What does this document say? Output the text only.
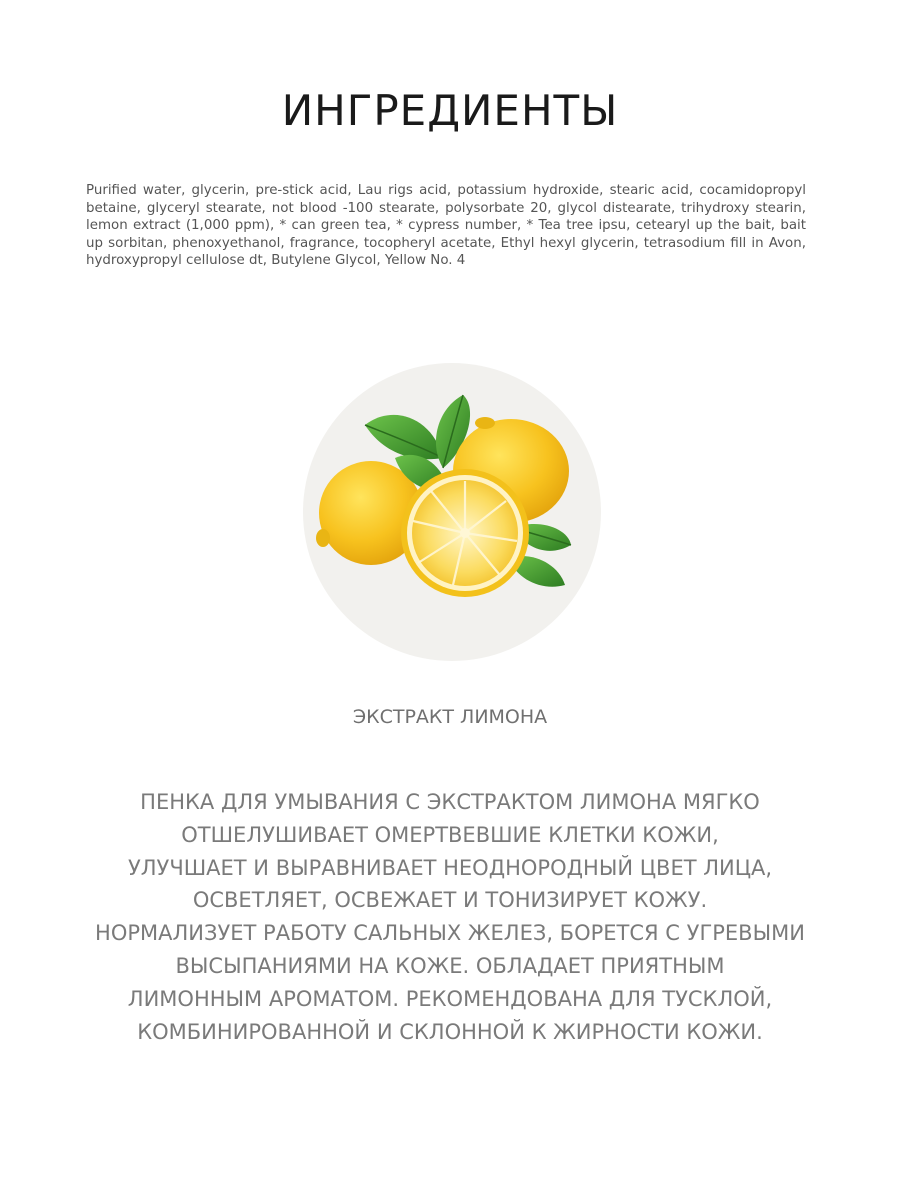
ИНГРЕДИЕНТЫ

Purified water, glycerin, pre-stick acid, Lau rigs acid, potassium hydroxide, stearic acid, cocamidopropyl betaine, glyceryl stearate, not blood -100 stearate, polysorbate 20, glycol distearate, trihydroxy stearin, lemon extract (1,000 ppm), * can green tea, * cypress number, * Tea tree ipsu, cetearyl up the bait, bait up sorbitan, phenoxyethanol, fragrance, tocopheryl acetate, Ethyl hexyl glycerin, tetrasodium fill in Avon, hydroxypropyl cellulose dt, Butylene Glycol, Yellow No. 4

ЭКСТРАКТ ЛИМОНА

ПЕНКА ДЛЯ УМЫВАНИЯ С ЭКСТРАКТОМ ЛИМОНА МЯГКО
ОТШЕЛУШИВАЕТ ОМЕРТВЕВШИЕ КЛЕТКИ КОЖИ,
УЛУЧШАЕТ И ВЫРАВНИВАЕТ НЕОДНОРОДНЫЙ ЦВЕТ ЛИЦА,
ОСВЕТЛЯЕТ, ОСВЕЖАЕТ И ТОНИЗИРУЕТ КОЖУ.
НОРМАЛИЗУЕТ РАБОТУ САЛЬНЫХ ЖЕЛЕЗ, БОРЕТСЯ С УГРЕВЫМИ
ВЫСЫПАНИЯМИ НА КОЖЕ. ОБЛАДАЕТ ПРИЯТНЫМ
ЛИМОННЫМ АРОМАТОМ. РЕКОМЕНДОВАНА ДЛЯ ТУСКЛОЙ,
КОМБИНИРОВАННОЙ И СКЛОННОЙ К ЖИРНОСТИ КОЖИ.
